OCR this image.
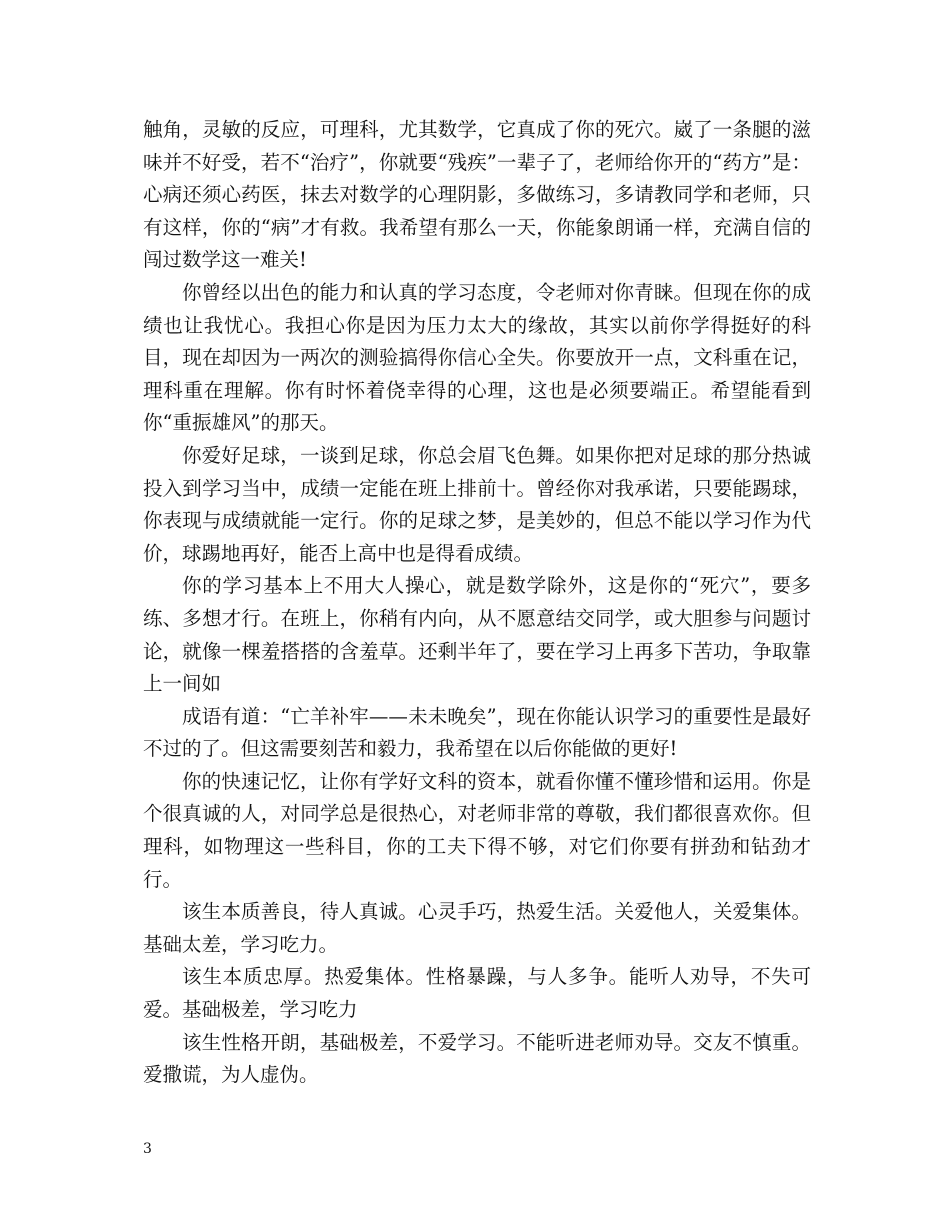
触角，灵敏的反应，可理科，尤其数学，它真成了你的死穴。崴了一条腿的滋味并不好受，若不“治疗”，你就要“残疾”一辈子了，老师给你开的“药方”是：心病还须心药医，抹去对数学的心理阴影，多做练习，多请教同学和老师，只有这样，你的“病”才有救。我希望有那么一天，你能象朗诵一样，充满自信的闯过数学这一难关!

你曾经以出色的能力和认真的学习态度，令老师对你青睐。但现在你的成绩也让我忧心。我担心你是因为压力太大的缘故，其实以前你学得挺好的科目，现在却因为一两次的测验搞得你信心全失。你要放开一点，文科重在记，理科重在理解。你有时怀着侥幸得的心理，这也是必须要端正。希望能看到你“重振雄风”的那天。

你爱好足球，一谈到足球，你总会眉飞色舞。如果你把对足球的那分热诚投入到学习当中，成绩一定能在班上排前十。曾经你对我承诺，只要能踢球，你表现与成绩就能一定行。你的足球之梦，是美妙的，但总不能以学习作为代价，球踢地再好，能否上高中也是得看成绩。

你的学习基本上不用大人操心，就是数学除外，这是你的“死穴”，要多练、多想才行。在班上，你稍有内向，从不愿意结交同学，或大胆参与问题讨论，就像一棵羞搭搭的含羞草。还剩半年了，要在学习上再多下苦功，争取靠上一间如

成语有道：“亡羊补牢——未未晚矣”，现在你能认识学习的重要性是最好不过的了。但这需要刻苦和毅力，我希望在以后你能做的更好!

你的快速记忆，让你有学好文科的资本，就看你懂不懂珍惜和运用。你是个很真诚的人，对同学总是很热心，对老师非常的尊敬，我们都很喜欢你。但理科，如物理这一些科目，你的工夫下得不够，对它们你要有拼劲和钻劲才行。

该生本质善良，待人真诚。心灵手巧，热爱生活。关爱他人，关爱集体。 基础太差，学习吃力。

该生本质忠厚。热爱集体。性格暴躁，与人多争。能听人劝导，不失可爱。基础极差，学习吃力

该生性格开朗，基础极差，不爱学习。不能听进老师劝导。交友不慎重。爱撒谎，为人虚伪。

3
